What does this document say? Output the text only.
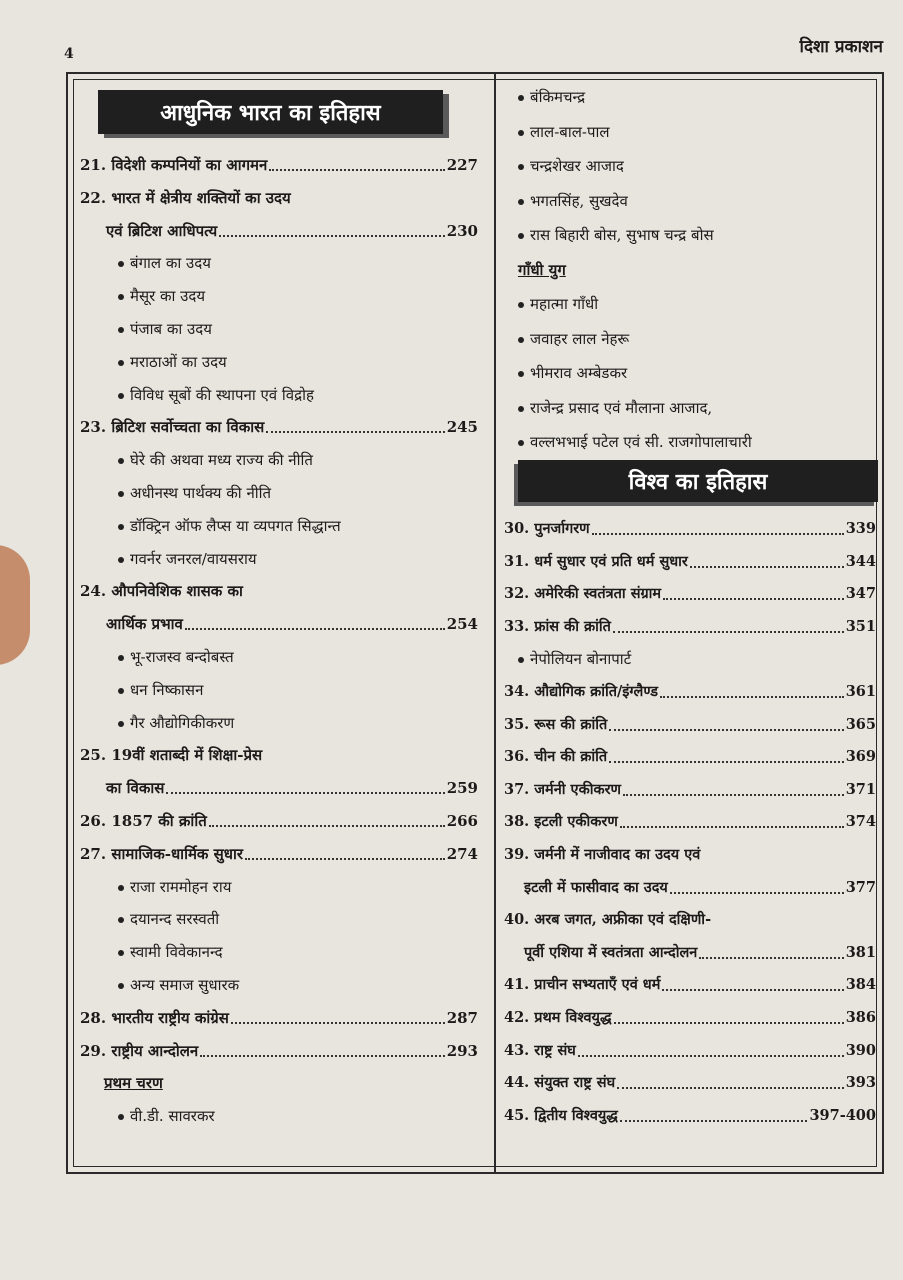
4	दिशा प्रकाशन
आधुनिक भारत का इतिहास
21. विदेशी कम्पनियों का आगमन	227
22. भारत में क्षेत्रीय शक्तियों का उदय
एवं ब्रिटिश आधिपत्य	230
बंगाल का उदय
मैसूर का उदय
पंजाब का उदय
मराठाओं का उदय
विविध सूबों की स्थापना एवं विद्रोह
23. ब्रिटिश सर्वोच्चता का विकास	245
घेरे की अथवा मध्य राज्य की नीति
अधीनस्थ पार्थक्य की नीति
डॉक्ट्रिन ऑफ लैप्स या व्यपगत सिद्धान्त
गवर्नर जनरल/वायसराय
24. औपनिवेशिक शासक का
आर्थिक प्रभाव	254
भू-राजस्व बन्दोबस्त
धन निष्कासन
गैर औद्योगिकीकरण
25. 19वीं शताब्दी में शिक्षा-प्रेस
का विकास	259
26. 1857 की क्रांति	266
27. सामाजिक-धार्मिक सुधार	274
राजा राममोहन राय
दयानन्द सरस्वती
स्वामी विवेकानन्द
अन्य समाज सुधारक
28. भारतीय राष्ट्रीय कांग्रेस	287
29. राष्ट्रीय आन्दोलन	293
प्रथम चरण
वी.डी. सावरकर
विश्व का इतिहास
बंकिमचन्द्र
लाल-बाल-पाल
चन्द्रशेखर आजाद
भगतसिंह, सुखदेव
रास बिहारी बोस, सुभाष चन्द्र बोस
गाँधी युग
महात्मा गाँधी
जवाहर लाल नेहरू
भीमराव अम्बेडकर
राजेन्द्र प्रसाद एवं मौलाना आजाद,
वल्लभभाई पटेल एवं सी. राजगोपालाचारी
30. पुनर्जागरण	339
31. धर्म सुधार एवं प्रति धर्म सुधार	344
32. अमेरिकी स्वतंत्रता संग्राम	347
33. फ्रांस की क्रांति	351
नेपोलियन बोनापार्ट
34. औद्योगिक क्रांति/इंग्लैण्ड	361
35. रूस की क्रांति	365
36. चीन की क्रांति	369
37. जर्मनी एकीकरण	371
38. इटली एकीकरण	374
39. जर्मनी में नाजीवाद का उदय एवं
इटली में फासीवाद का उदय	377
40. अरब जगत, अफ्रीका एवं दक्षिणी-
पूर्वी एशिया में स्वतंत्रता आन्दोलन	381
41. प्राचीन सभ्यताएँ एवं धर्म	384
42. प्रथम विश्वयुद्ध	386
43. राष्ट्र संघ	390
44. संयुक्त राष्ट्र संघ	393
45. द्वितीय विश्वयुद्ध	397-400
